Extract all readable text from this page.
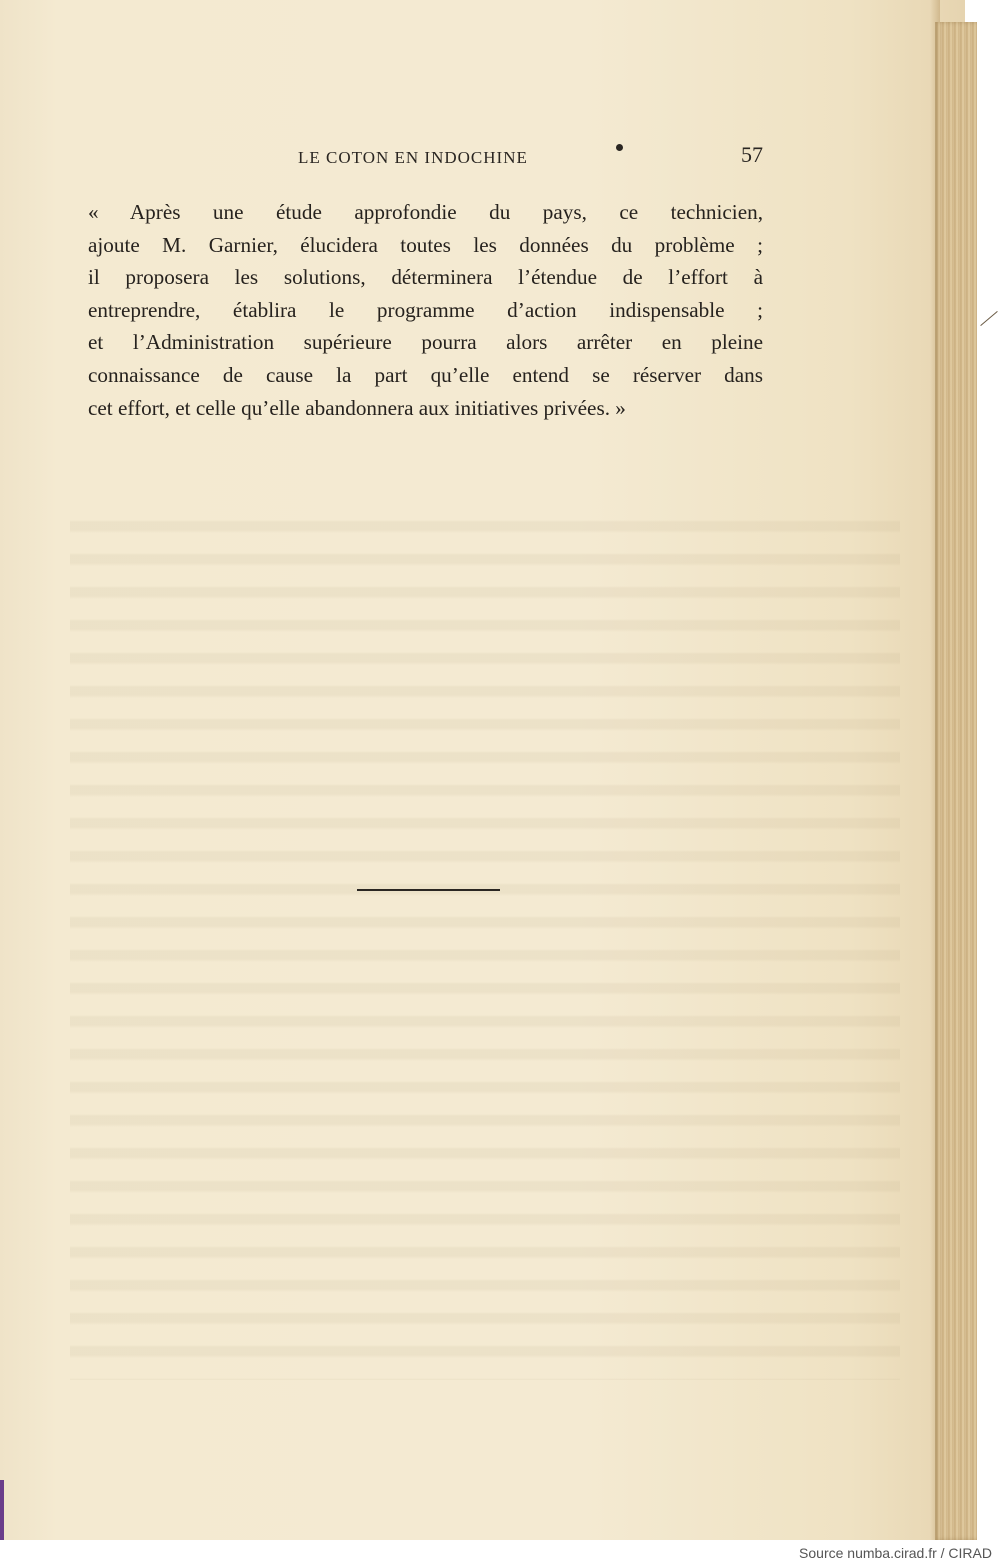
LE COTON EN INDOCHINE	57
« Après une étude approfondie du pays, ce technicien,
ajoute M. Garnier, élucidera toutes les données du problème ;
il proposera les solutions, déterminera l’étendue de l’effort à
entreprendre, établira le programme d’action indispensable ;
et l’Administration supérieure pourra alors arrêter en pleine
connaissance de cause la part qu’elle entend se réserver dans
cet effort, et celle qu’elle abandonnera aux initiatives privées. »
Source numba.cirad.fr / CIRAD
